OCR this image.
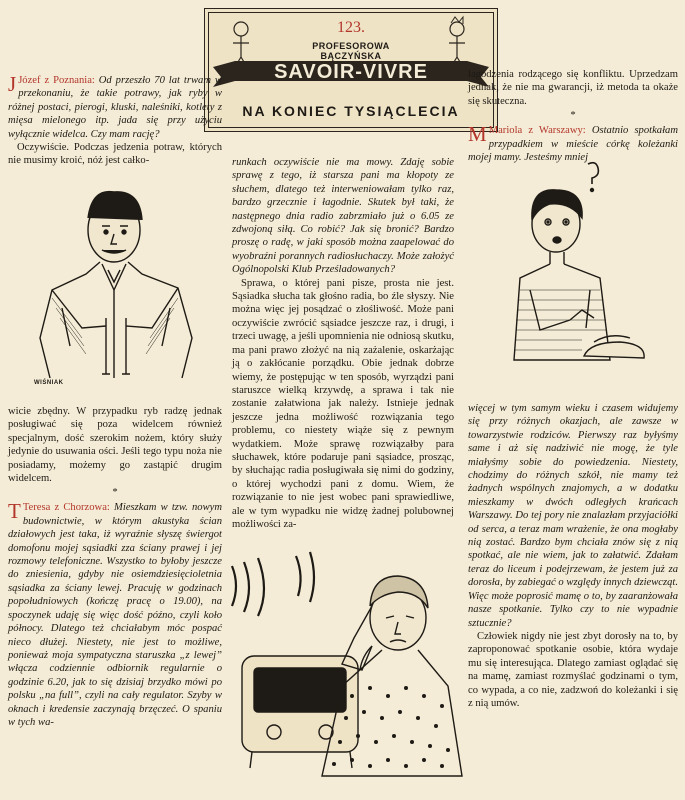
123.
PROFESOROWA
BĄCZYŃSKA
SAVOIR-VIVRE
NA KONIEC TYSIĄCLECIA

J Józef z Poznania: Od przeszło 70 lat trwam w przekonaniu, że takie potrawy, jak ryby w różnej postaci, pierogi, kluski, naleśniki, kotlety z mięsa mielonego itp. jada się przy użyciu wyłącznie widelca. Czy mam rację?

Oczywiście. Podczas jedzenia potraw, których nie musimy kroić, nóż jest całko-

WIŚNIAK

wicie zbędny. W przypadku ryb radzę jednak posługiwać się poza widelcem również specjalnym, dość szerokim nożem, który służy jedynie do usuwania ości. Jeśli tego typu noża nie posiadamy, możemy go zastąpić drugim widelcem.

*

T Teresa z Chorzowa: Mieszkam w tzw. nowym budownictwie, w którym akustyka ścian działowych jest taka, iż wyraźnie słyszę świergot domofonu mojej sąsiadki zza ściany prawej i jej rozmowy telefoniczne. Wszystko to byłoby jeszcze do zniesienia, gdyby nie osiemdziesięcioletnia sąsiadka za ściany lewej. Pracuję w godzinach popołudniowych (kończę pracę o 19.00), na spoczynek udaję się więc dość późno, czyli koło północy. Dlatego też chciałabym móc pospać nieco dłużej. Niestety, nie jest to możliwe, ponieważ moja sympatyczna staruszka „z lewej” włącza codziennie odbiornik regularnie o godzinie 6.20, jak to się dzisiaj brzydko mówi po polsku „na full”, czyli na cały regulator. Szyby w oknach i kredensie zaczynają brzęczeć. O spaniu w tych wa-

runkach oczywiście nie ma mowy. Zdaję sobie sprawę z tego, iż starsza pani ma kłopoty ze słuchem, dlatego też interweniowałam tylko raz, bardzo grzecznie i łagodnie. Skutek był taki, że następnego dnia radio zabrzmiało już o 6.05 ze zdwojoną siłą. Co robić? Jak się bronić? Bardzo proszę o radę, w jaki sposób można zaapelować do wyobraźni porannych radiosłuchaczy. Może założyć Ogólnopolski Klub Prześladowanych?

Sprawa, o której pani pisze, prosta nie jest. Sąsiadka słucha tak głośno radia, bo źle słyszy. Nie można więc jej posądzać o złośliwość. Może pani oczywiście zwrócić sąsiadce jeszcze raz, i drugi, i trzeci uwagę, a jeśli upomnienia nie odniosą skutku, ma pani prawo złożyć na nią zażalenie, oskarżając ją o zakłócanie porządku. Obie jednak dobrze wiemy, że postępując w ten sposób, wyrządzi pani staruszce wielką krzywdę, a sprawa i tak nie zostanie załatwiona jak należy. Istnieje jednak jeszcze jedna możliwość rozwiązania tego problemu, co niestety wiąże się z pewnym wydatkiem. Może sprawę rozwiązałby para słuchawek, które podaruje pani sąsiadce, prosząc, by słuchając radia posługiwała się nimi do godziny, o której wychodzi pani z domu. Wiem, że rozwiązanie to nie jest wobec pani sprawiedliwe, ale w tym wypadku nie widzę żadnej polubownej możliwości za-

łagodzenia rodzącego się konfliktu. Uprzedzam jednak, że nie ma gwarancji, iż metoda ta okaże się skuteczna.

*

M Mariola z Warszawy: Ostatnio spotkałam przypadkiem w mieście córkę koleżanki mojej mamy. Jesteśmy mniej

więcej w tym samym wieku i czasem widujemy się przy różnych okazjach, ale zawsze w towarzystwie rodziców. Pierwszy raz byłyśmy same i aż się nadziwić nie mogę, że tyle miałyśmy sobie do powiedzenia. Niestety, chodzimy do różnych szkół, nie mamy też żadnych wspólnych znajomych, a w dodatku mieszkamy w dwóch odległych krańcach Warszawy. Do tej pory nie znalazłam przyjaciółki od serca, a teraz mam wrażenie, że ona mogłaby nią zostać. Bardzo bym chciała znów się z nią spotkać, ale nie wiem, jak to załatwić. Zdałam teraz do liceum i podejrzewam, że jestem już za dorosła, by zabiegać o względy innych dziewcząt. Więc może poprosić mamę o to, by zaaranżowała nasze spotkanie. Tylko czy to nie wypadnie sztucznie?

Człowiek nigdy nie jest zbyt dorosły na to, by zaproponować spotkanie osobie, która wydaje mu się interesująca. Dlatego zamiast oglądać się na mamę, zamiast rozmyślać godzinami o tym, co wypada, a co nie, zadzwoń do koleżanki i się z nią umów.
